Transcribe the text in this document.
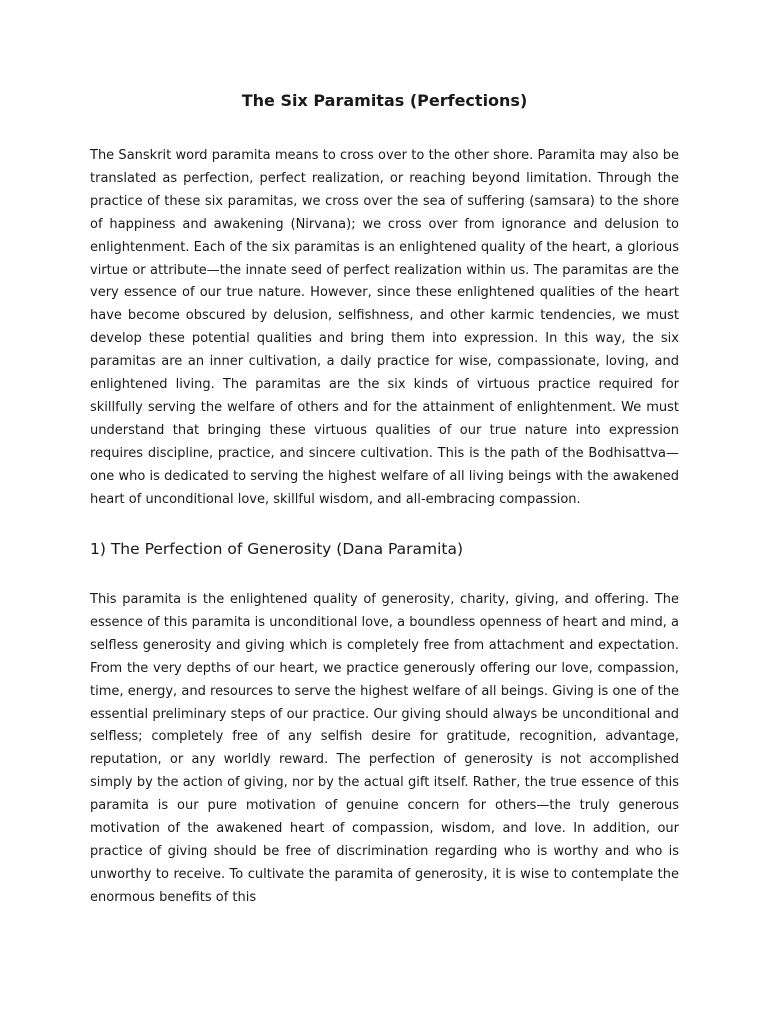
The Six Paramitas (Perfections)

The Sanskrit word paramita means to cross over to the other shore. Paramita may also be translated as perfection, perfect realization, or reaching beyond limitation. Through the practice of these six paramitas, we cross over the sea of suffering (samsara) to the shore of happiness and awakening (Nirvana); we cross over from ignorance and delusion to enlightenment. Each of the six paramitas is an enlightened quality of the heart, a glorious virtue or attribute—the innate seed of perfect realization within us. The paramitas are the very essence of our true nature. However, since these enlightened qualities of the heart have become obscured by delusion, selfishness, and other karmic tendencies, we must develop these potential qualities and bring them into expression. In this way, the six paramitas are an inner cultivation, a daily practice for wise, compassionate, loving, and enlightened living. The paramitas are the six kinds of virtuous practice required for skillfully serving the welfare of others and for the attainment of enlightenment. We must understand that bringing these virtuous qualities of our true nature into expression requires discipline, practice, and sincere cultivation. This is the path of the Bodhisattva—one who is dedicated to serving the highest welfare of all living beings with the awakened heart of unconditional love, skillful wisdom, and all-embracing compassion.

1) The Perfection of Generosity (Dana Paramita)

This paramita is the enlightened quality of generosity, charity, giving, and offering. The essence of this paramita is unconditional love, a boundless openness of heart and mind, a selfless generosity and giving which is completely free from attachment and expectation. From the very depths of our heart, we practice generously offering our love, compassion, time, energy, and resources to serve the highest welfare of all beings. Giving is one of the essential preliminary steps of our practice. Our giving should always be unconditional and selfless; completely free of any selfish desire for gratitude, recognition, advantage, reputation, or any worldly reward. The perfection of generosity is not accomplished simply by the action of giving, nor by the actual gift itself. Rather, the true essence of this paramita is our pure motivation of genuine concern for others—the truly generous motivation of the awakened heart of compassion, wisdom, and love. In addition, our practice of giving should be free of discrimination regarding who is worthy and who is unworthy to receive. To cultivate the paramita of generosity, it is wise to contemplate the enormous benefits of this
